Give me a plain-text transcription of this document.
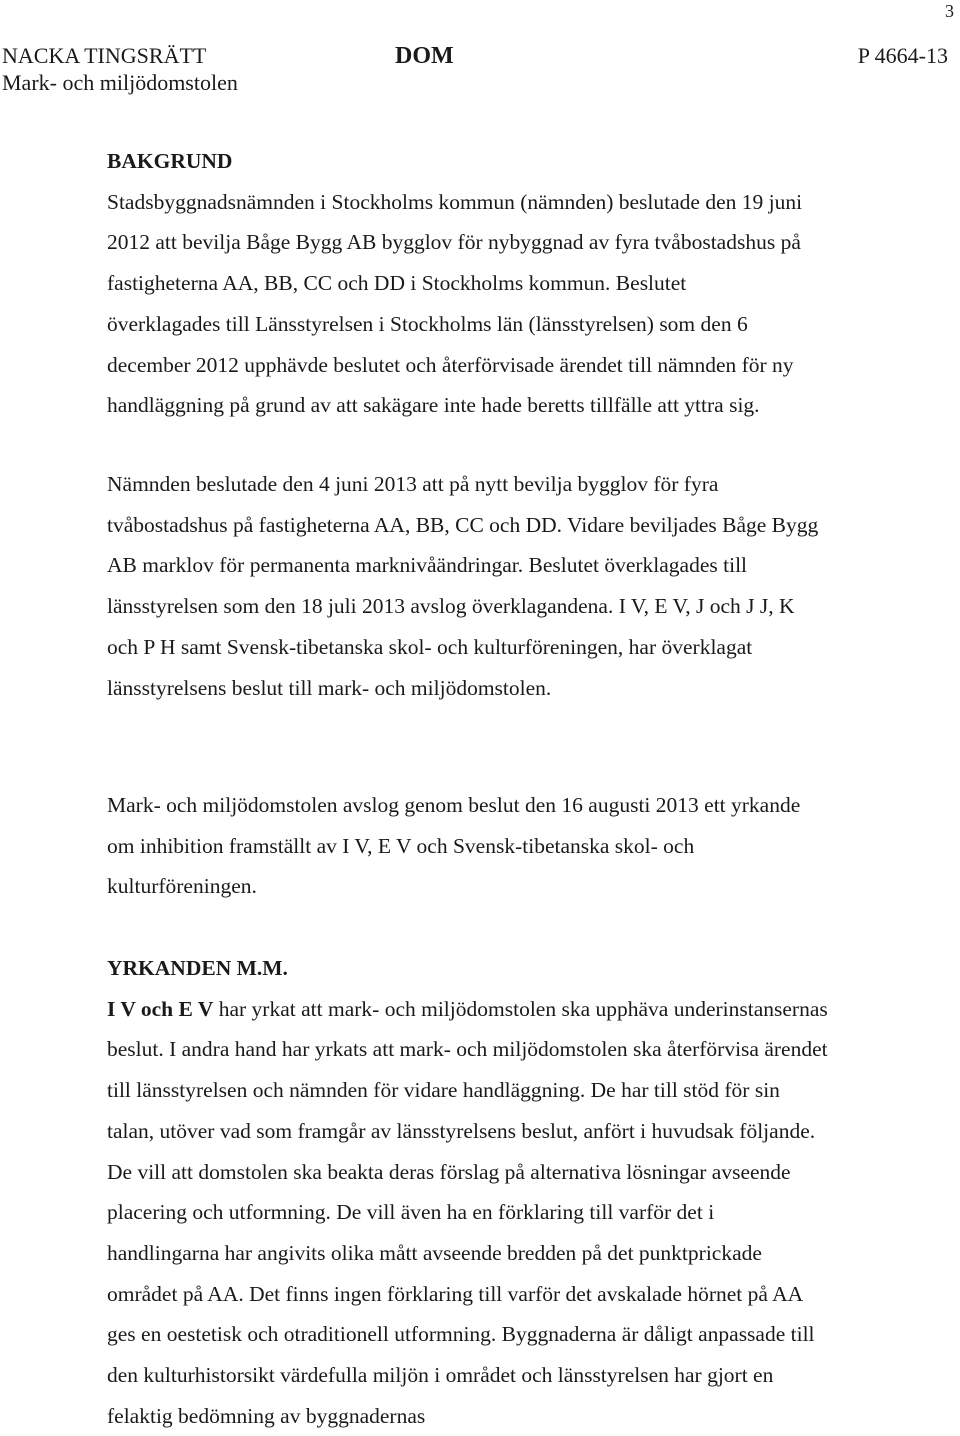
3
NACKA TINGSRÄTT
Mark- och miljödomstolen
DOM	P 4664-13
BAKGRUND
Stadsbyggnadsnämnden i Stockholms kommun (nämnden) beslutade den 19 juni
2012 att bevilja Båge Bygg AB bygglov för nybyggnad av fyra tvåbostadshus på
fastigheterna AA, BB, CC och DD i Stockholms kommun. Beslutet
överklagades till Länsstyrelsen i Stockholms län (länsstyrelsen) som den 6
december 2012 upphävde beslutet och återförvisade ärendet till nämnden för ny
handläggning på grund av att sakägare inte hade beretts tillfälle att yttra sig.
Nämnden beslutade den 4 juni 2013 att på nytt bevilja bygglov för fyra
tvåbostadshus på fastigheterna AA, BB, CC och DD. Vidare beviljades Båge Bygg
AB marklov för permanenta marknivåändringar. Beslutet överklagades till
länsstyrelsen som den 18 juli 2013 avslog överklagandena. I V, E V, J och J J, K
och P H samt Svensk-tibetanska skol- och kulturföreningen, har överklagat
länsstyrelsens beslut till mark- och miljödomstolen.
Mark- och miljödomstolen avslog genom beslut den 16 augusti 2013 ett yrkande
om inhibition framställt av I V, E V och Svensk-tibetanska skol- och
kulturföreningen.
YRKANDEN M.M.
I V och E V har yrkat att mark- och miljödomstolen ska upphäva underinstansernas
beslut. I andra hand har yrkats att mark- och miljödomstolen ska återförvisa ärendet
till länsstyrelsen och nämnden för vidare handläggning. De har till stöd för sin
talan, utöver vad som framgår av länsstyrelsens beslut, anfört i huvudsak följande.
De vill att domstolen ska beakta deras förslag på alternativa lösningar avseende
placering och utformning. De vill även ha en förklaring till varför det i
handlingarna har angivits olika mått avseende bredden på det punktprickade
området på AA. Det finns ingen förklaring till varför det avskalade hörnet på AA
ges en oestetisk och otraditionell utformning. Byggnaderna är dåligt anpassade till
den kulturhistorsikt värdefulla miljön i området och länsstyrelsen har gjort en
felaktig bedömning av byggnadernas
